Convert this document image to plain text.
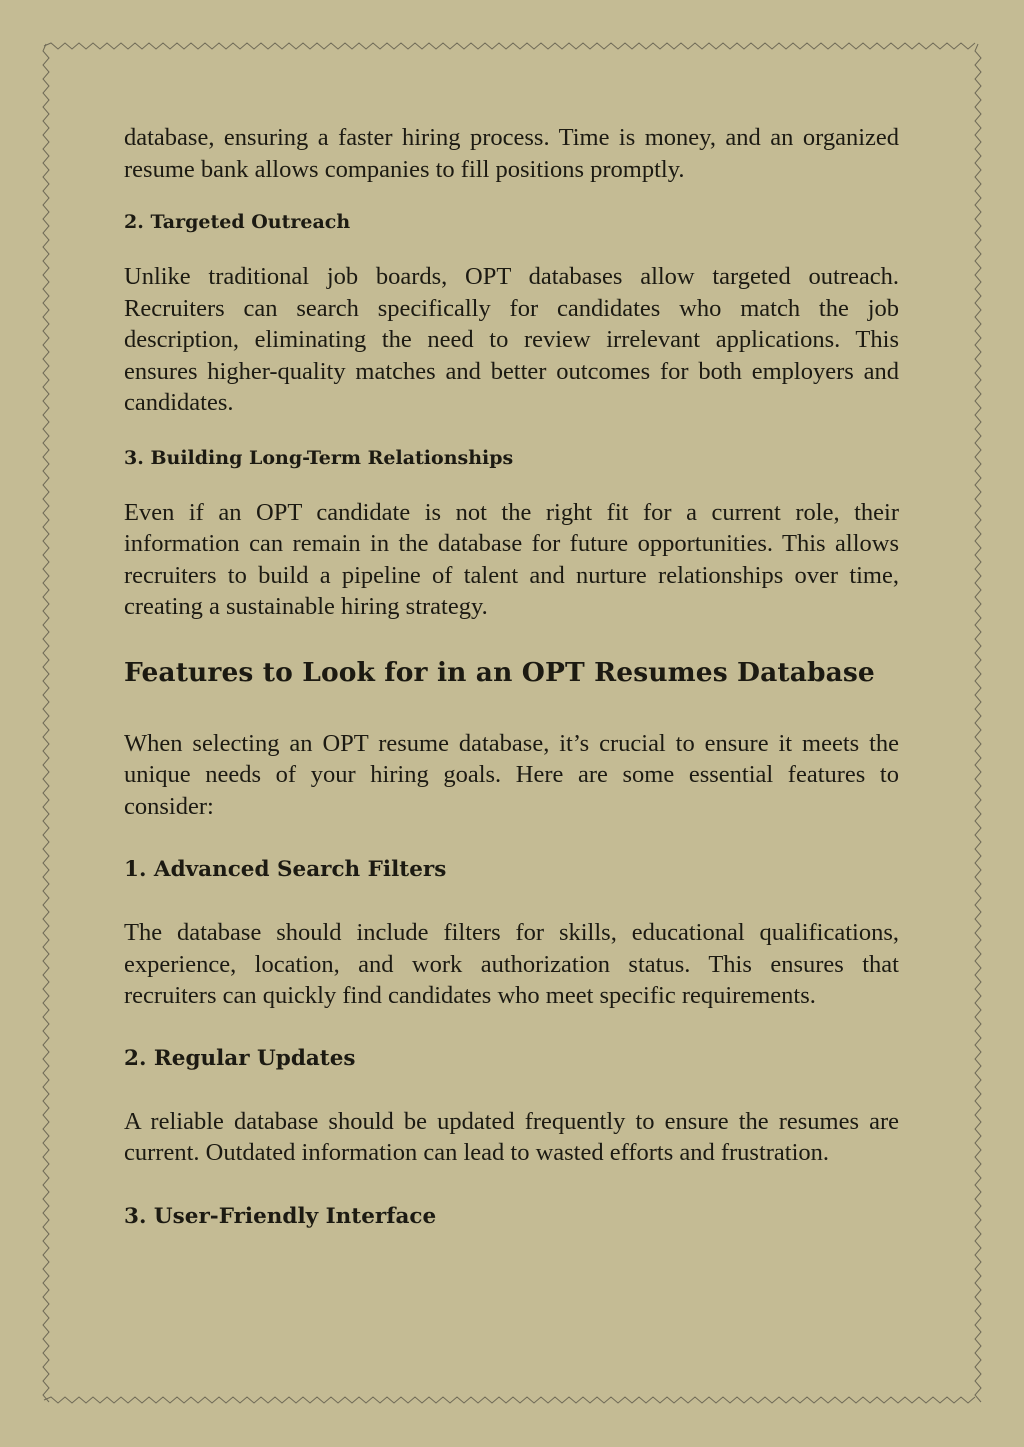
database, ensuring a faster hiring process. Time is money, and an organized resume bank allows companies to fill positions promptly.

2. Targeted Outreach

Unlike traditional job boards, OPT databases allow targeted outreach. Recruiters can search specifically for candidates who match the job description, eliminating the need to review irrelevant applications. This ensures higher-quality matches and better outcomes for both employers and candidates.

3. Building Long-Term Relationships

Even if an OPT candidate is not the right fit for a current role, their information can remain in the database for future opportunities. This allows recruiters to build a pipeline of talent and nurture relationships over time, creating a sustainable hiring strategy.

Features to Look for in an OPT Resumes Database

When selecting an OPT resume database, it’s crucial to ensure it meets the unique needs of your hiring goals. Here are some essential features to consider:

1. Advanced Search Filters

The database should include filters for skills, educational qualifications, experience, location, and work authorization status. This ensures that recruiters can quickly find candidates who meet specific requirements.

2. Regular Updates

A reliable database should be updated frequently to ensure the resumes are current. Outdated information can lead to wasted efforts and frustration.

3. User-Friendly Interface
